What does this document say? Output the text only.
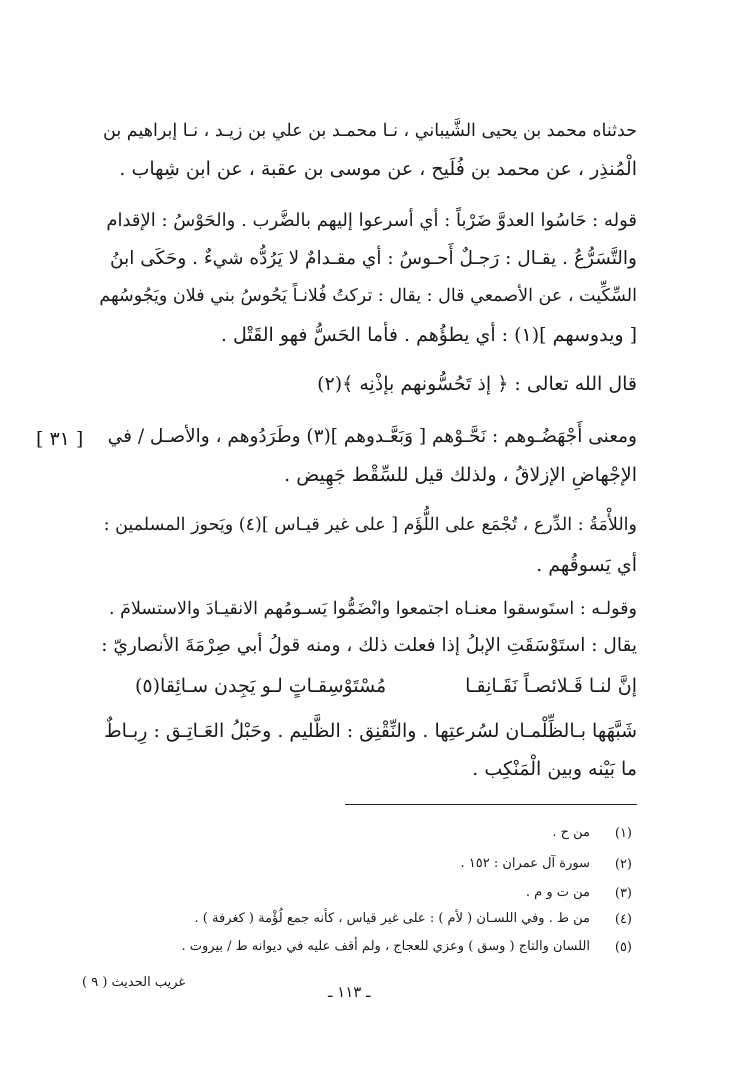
حدثناه محمد بن يحيى الشَّيباني ، نـا محمـد بن علي بن زيـد ، نـا إبراهيم بن
الْمُنذِر ، عن محمد بن فُلَيح ، عن موسى بن عقبة ، عن ابن شِهاب .
قوله : حَاسُوا العدوَّ ضَرْباً : أي أسرعوا إليهم بالضَّرب . والحَوْسُ : الإقدام
والتَّسَرُّعُ . يقـال : رَجـلٌ أَحـوسُ : أي مقـدامٌ لا يَرُدُّه شيءٌ . وحَكَى ابنُ
السِّكِّيت ، عن الأصمعي قال : يقال : تركتُ فُلانـاً يَحُوسُ بني فلان ويَجُوسُهم
[ ويدوسهم ](١) : أي يطؤُهم . فأما الحَسُّ فهو القَتْل .
قال الله تعالى : ﴿ إذ تَحُسُّونهم بإذْنِه ﴾(٢)
ومعنى أَجْهَضُـوهم : نَحَّـوْهم [ وَبَعَّـدوهم ](٣) وطَرَدُوهم ، والأصـل / في
الإجْهاضِ الإزلاقُ ، ولذلك قيل للسِّقْط جَهِيض .
[ ٣١ ]
واللأْمَةُ : الدِّرع ، تُجْمَع على اللُّؤَم [ على غير قيـاس ](٤) ويَحوز المسلمين :
أي يَسوقُهم .
وقولـه : استَوسقوا معنـاه اجتمعوا وانْضَمُّوا يَسـومُهم الانقيـادَ والاستسلامَ .
يقال : استَوْسَقَتِ الإبلُ إذا فعلت ذلك ، ومنه قولُ أبي صِرْمَةَ الأنصاريّ :
إنَّ لنـا قَـلائصـاً نَقَـانِقـا
مُسْتَوْسِقـاتٍ لـو يَجِدن سـائِقا(٥)
شَبَّهَها بـالظِّلْمـان لسُرعتِها . والنِّقْنِق : الظَّليم . وحَبْلُ العَـاتِـق : رِبـاطٌ
ما بَيْنه وبين الْمَنْكِب .
(١)
من ح .
(٢)
سورة آل عمران : ١٥٢ .
(٣)
من ت و م .
(٤)
من ط . وفي اللسـان ( لأم ) : على غير قياس ، كأنه جمع لُؤْمة ( كغرفة ) .
(٥)
اللسان والتاج ( وسق ) وعزي للعجاج ، ولم أقف عليه في ديوانه ط / بيروت .
ـ ١١٣ ـ
غريب الحديث ( ٩ )
